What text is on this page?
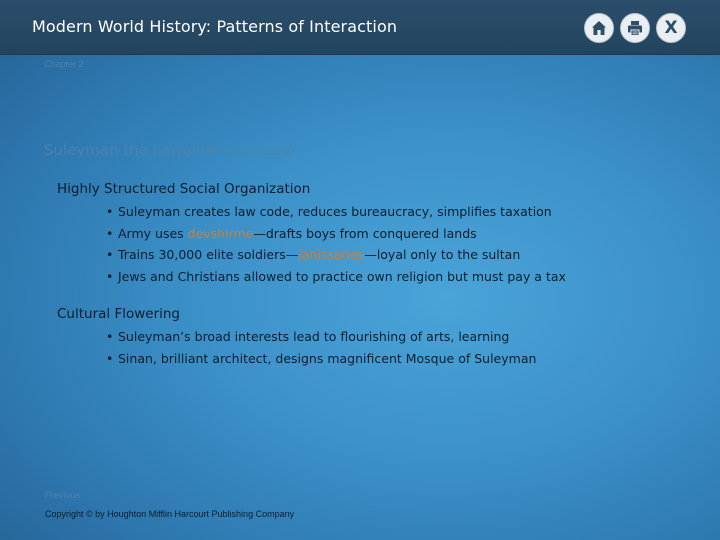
Modern World History: Patterns of Interaction	X
Chapter 2
Suleyman the Lawgiver (continued)
Highly Structured Social Organization
• Suleyman creates law code, reduces bureaucracy, simplifies taxation
• Army uses devshirme—drafts boys from conquered lands
• Trains 30,000 elite soldiers—janissaries—loyal only to the sultan
• Jews and Christians allowed to practice own religion but must pay a tax
Cultural Flowering
• Suleyman’s broad interests lead to flourishing of arts, learning
• Sinan, brilliant architect, designs magnificent Mosque of Suleyman
Previous
Copyright © by Houghton Mifflin Harcourt Publishing Company
